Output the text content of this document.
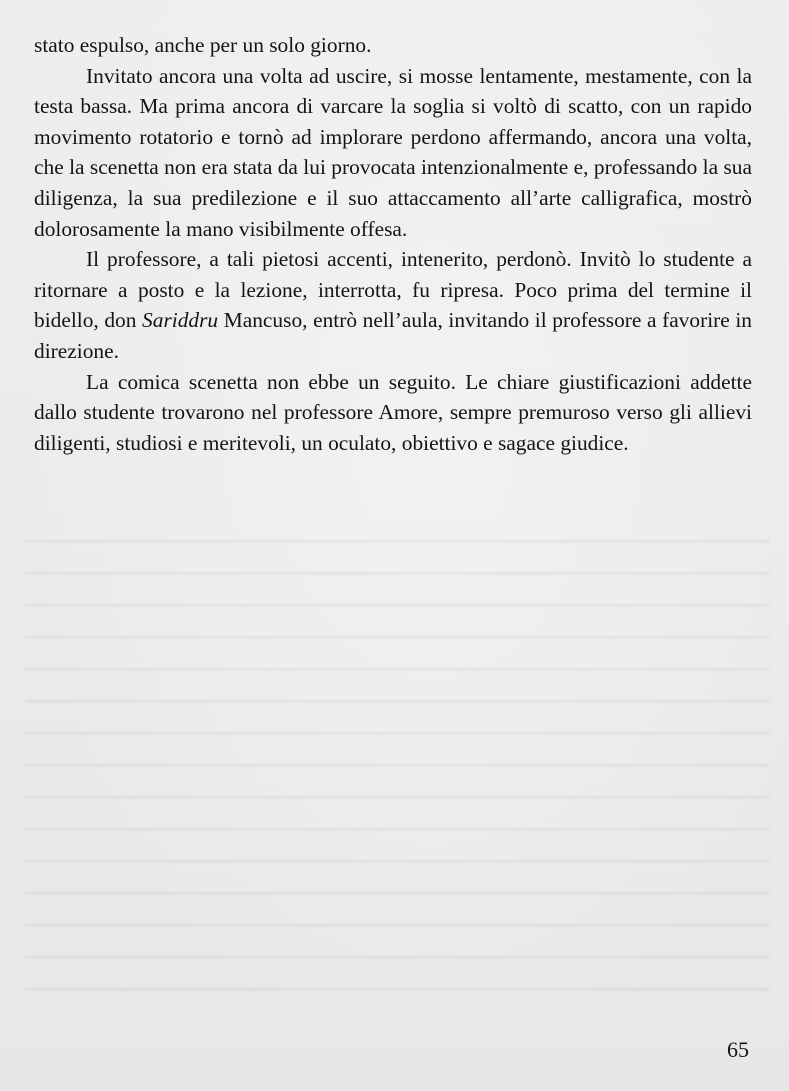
stato espulso, anche per un solo giorno.

Invitato ancora una volta ad uscire, si mosse lentamente, mestamente, con la testa bassa. Ma prima ancora di varcare la soglia si voltò di scatto, con un rapido movimento rotatorio e tornò ad implorare perdono affermando, ancora una volta, che la scenetta non era stata da lui provocata intenzionalmente e, professando la sua diligenza, la sua predilezione e il suo attaccamento all’arte calligrafica, mostrò dolorosamente la mano visibilmente offesa.

Il professore, a tali pietosi accenti, intenerito, perdonò. Invitò lo studente a ritornare a posto e la lezione, interrotta, fu ripresa. Poco prima del termine il bidello, don Sariddru Mancuso, entrò nell’aula, invitando il professore a favorire in direzione.

La comica scenetta non ebbe un seguito. Le chiare giustificazioni addette dallo studente trovarono nel professore Amore, sempre premuroso verso gli allievi diligenti, studiosi e meritevoli, un oculato, obiettivo e sagace giudice.

65
